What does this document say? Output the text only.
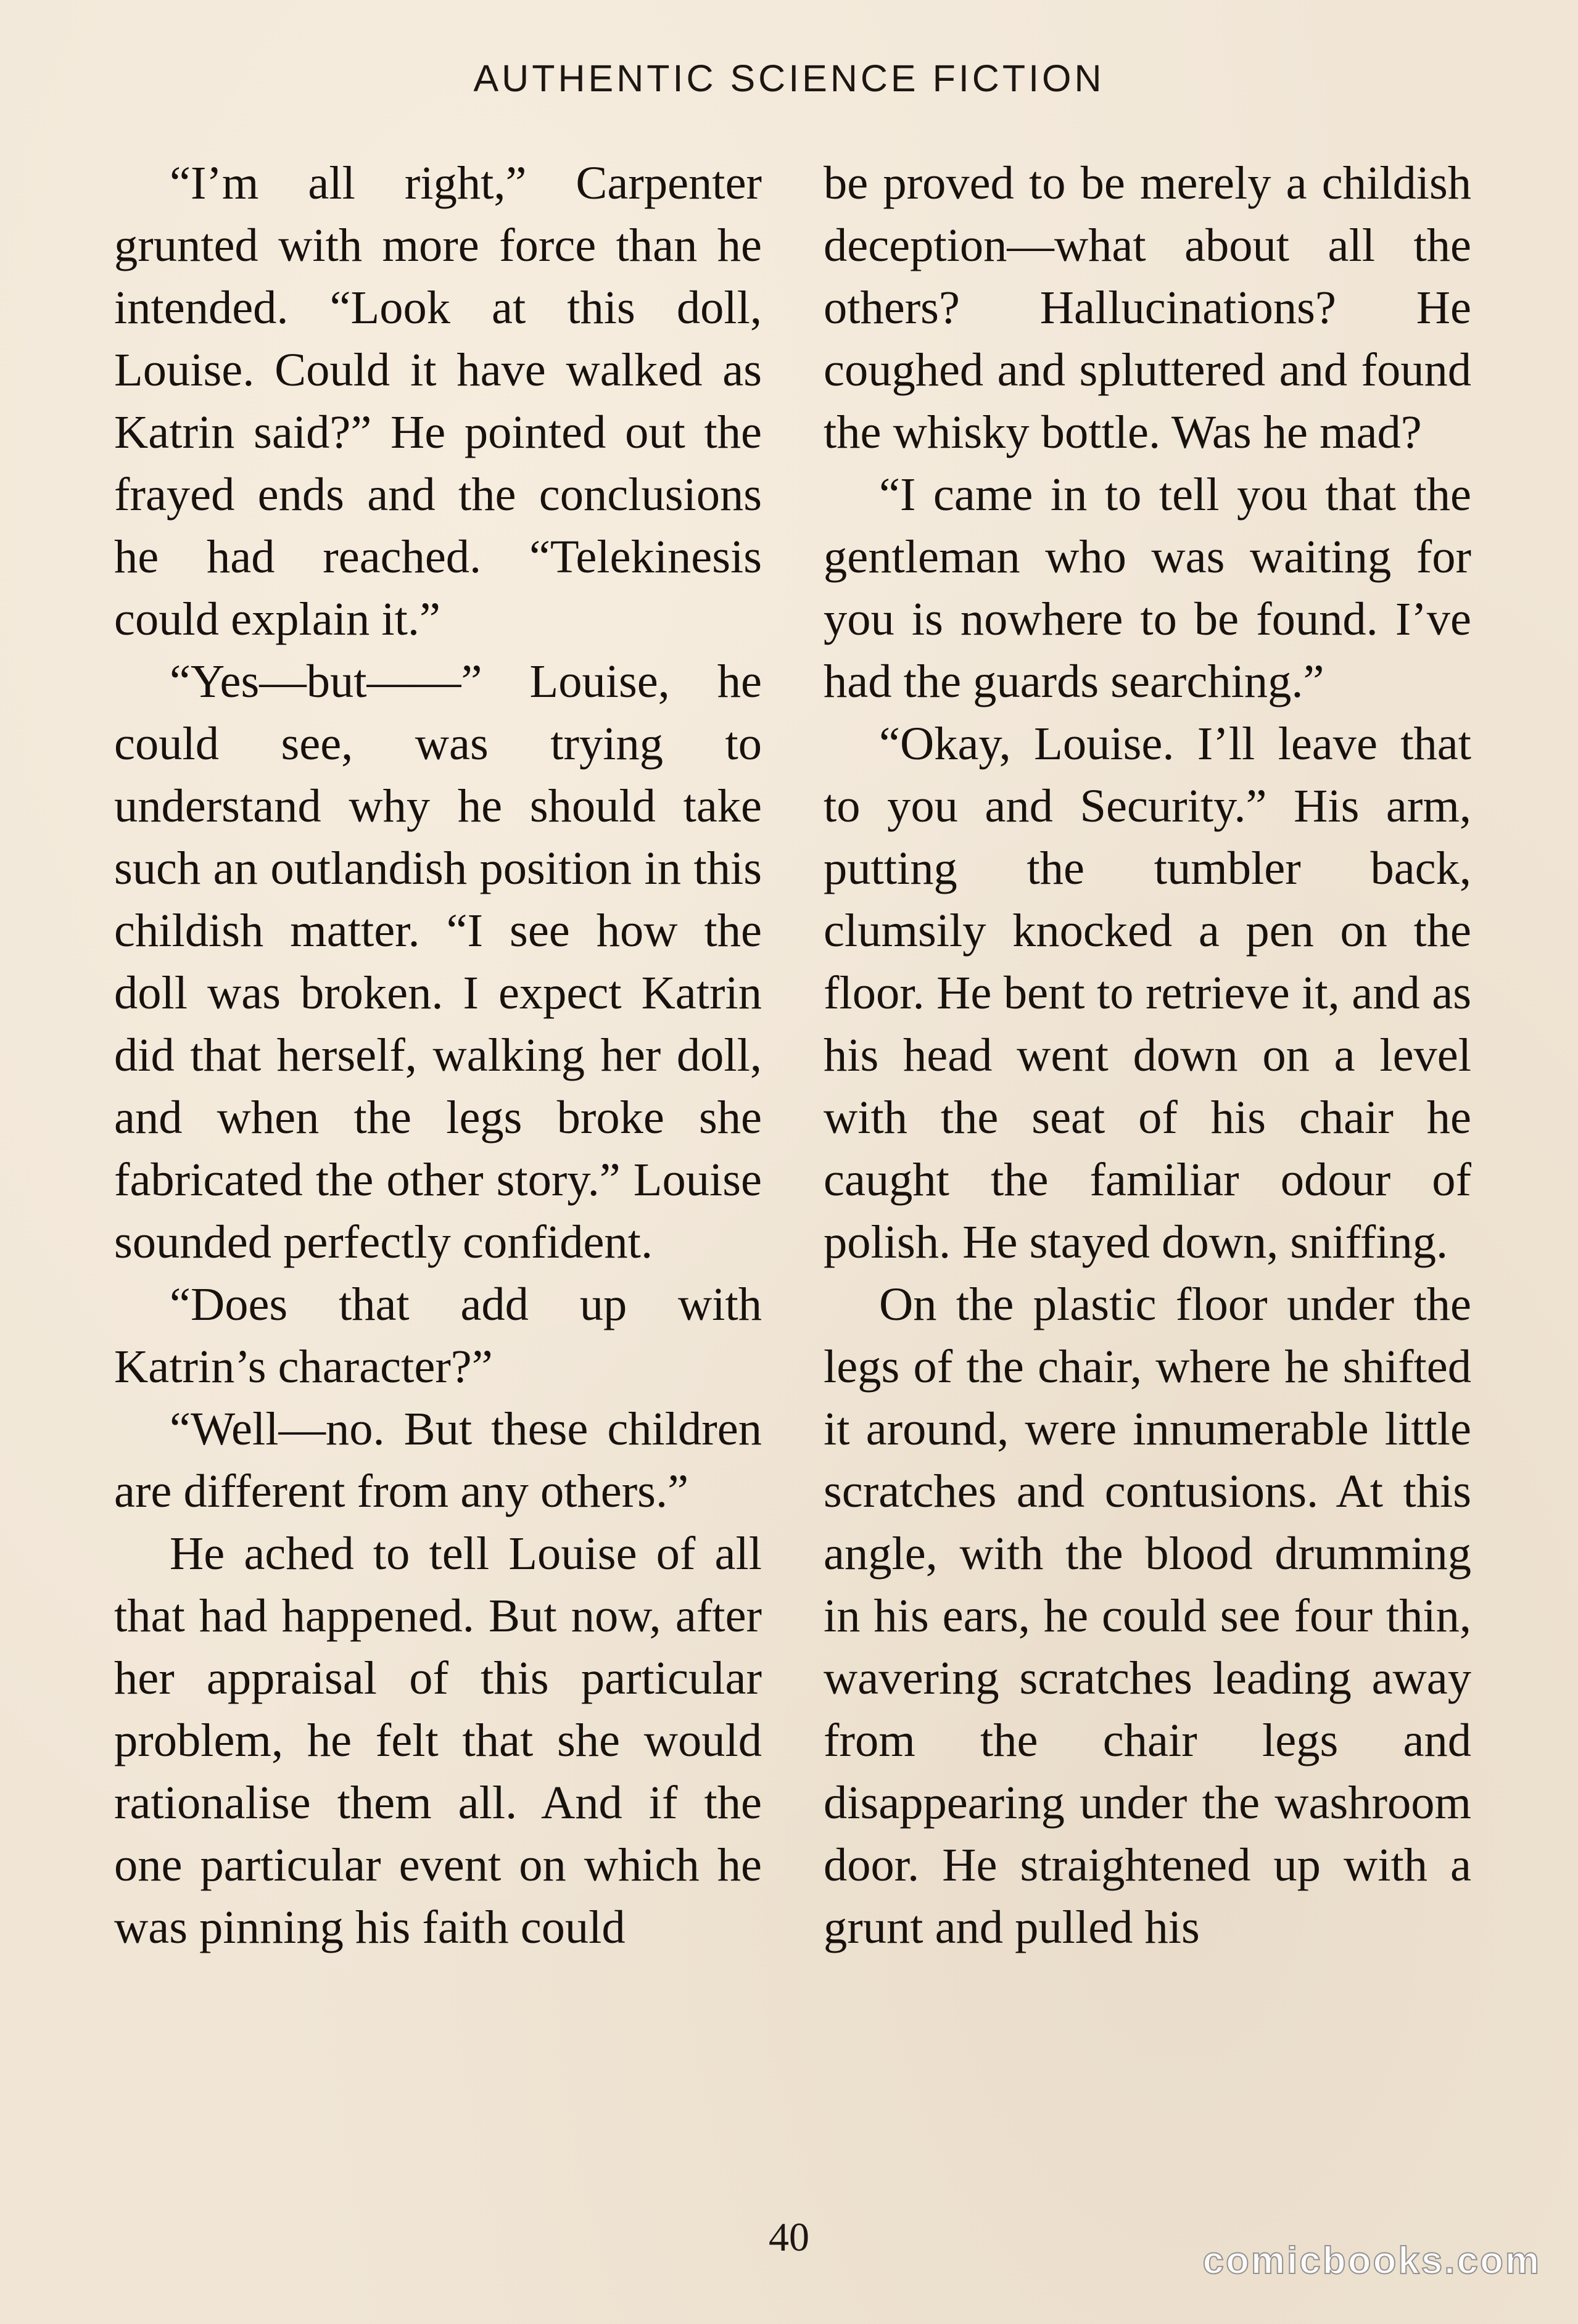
AUTHENTIC SCIENCE FICTION

“I’m all right,” Carpenter grunted with more force than he intended. “Look at this doll, Louise. Could it have walked as Katrin said?” He pointed out the frayed ends and the conclusions he had reached. “Telekinesis could explain it.”

“Yes—but——” Louise, he could see, was trying to understand why he should take such an outlandish position in this childish matter. “I see how the doll was broken. I expect Katrin did that herself, walking her doll, and when the legs broke she fabricated the other story.” Louise sounded perfectly confident.

“Does that add up with Katrin’s character?”

“Well—no. But these children are different from any others.”

He ached to tell Louise of all that had happened. But now, after her appraisal of this particular problem, he felt that she would rationalise them all. And if the one particular event on which he was pinning his faith could

be proved to be merely a childish deception—what about all the others? Hallucinations? He coughed and spluttered and found the whisky bottle. Was he mad?

“I came in to tell you that the gentleman who was waiting for you is nowhere to be found. I’ve had the guards searching.”

“Okay, Louise. I’ll leave that to you and Security.” His arm, putting the tumbler back, clumsily knocked a pen on the floor. He bent to retrieve it, and as his head went down on a level with the seat of his chair he caught the familiar odour of polish. He stayed down, sniffing.

On the plastic floor under the legs of the chair, where he shifted it around, were innumerable little scratches and contusions. At this angle, with the blood drumming in his ears, he could see four thin, wavering scratches leading away from the chair legs and disappearing under the washroom door. He straightened up with a grunt and pulled his

40
comicbooks.com
